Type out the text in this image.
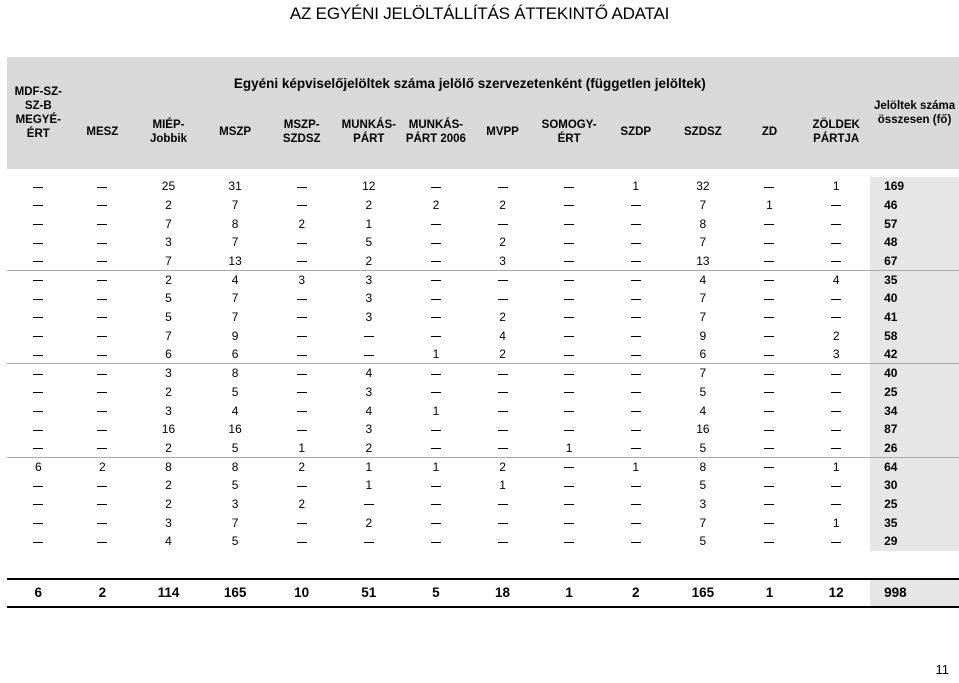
AZ EGYÉNI JELÖLTÁLLÍTÁS ÁTTEKINTŐ ADATAI
MDF-SZ-SZ-B MEGYÉ-ÉRT	Egyéni képviselőjelöltek száma jelölő szervezetenként (független jelöltek)												Jelöltek száma összesen (fő)
	MESZ	MIÉP-Jobbik	MSZP	MSZP-SZDSZ	MUNKÁS-PÁRT	MUNKÁS-PÁRT 2006	MVPP	SOMOGY-ÉRT	SZDP	SZDSZ	ZD	ZÖLDEK PÁRTJA	

		25	31		12				1	32		1	169
		2	7		2	2	2			7	1		46
		7	8	2	1					8			57
		3	7		5		2			7			48
		7	13		2		3			13			67
		2	4	3	3					4		4	35
		5	7		3					7			40
		5	7		3		2			7			41
		7	9				4			9		2	58
		6	6			1	2			6		3	42
		3	8		4					7			40
		2	5		3					5			25
		3	4		4	1				4			34
		16	16		3					16			87
		2	5	1	2			1		5			26
6	2	8	8	2	1	1	2		1	8		1	64
		2	5		1		1			5			30
		2	3	2						3			25
		3	7		2					7		1	35
		4	5							5			29

6	2	114	165	10	51	5	18	1	2	165	1	12	998
11
